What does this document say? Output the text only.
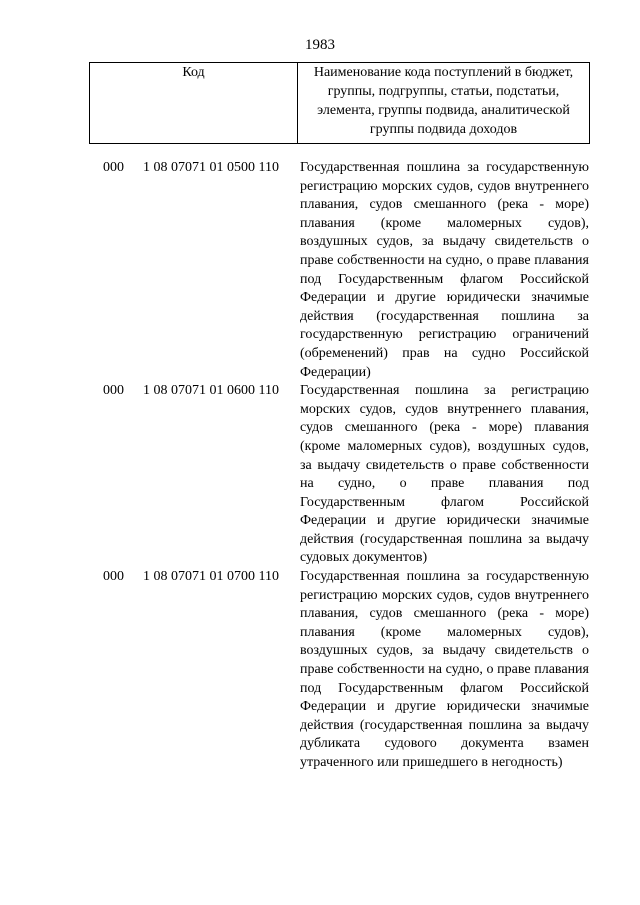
1983
Код	Наименование кода поступлений в бюджет, группы, подгруппы, статьи, подстатьи, элемента, группы подвида, аналитической группы подвида доходов
000	1 08 07071 01 0500 110	Государственная пошлина за государственную регистрацию морских судов, судов внутреннего плавания, судов смешанного (река - море) плавания (кроме маломерных судов), воздушных судов, за выдачу свидетельств о праве собственности на судно, о праве плавания под Государственным флагом Российской Федерации и другие юридически значимые действия (государственная пошлина за государственную регистрацию ограничений (обременений) прав на судно Российской Федерации)
000	1 08 07071 01 0600 110	Государственная пошлина за регистрацию морских судов, судов внутреннего плавания, судов смешанного (река - море) плавания (кроме маломерных судов), воздушных судов, за выдачу свидетельств о праве собственности на судно, о праве плавания под Государственным флагом Российской Федерации и другие юридически значимые действия (государственная пошлина за выдачу судовых документов)
000	1 08 07071 01 0700 110	Государственная пошлина за государственную регистрацию морских судов, судов внутреннего плавания, судов смешанного (река - море) плавания (кроме маломерных судов), воздушных судов, за выдачу свидетельств о праве собственности на судно, о праве плавания под Государственным флагом Российской Федерации и другие юридически значимые действия (государственная пошлина за выдачу дубликата судового документа взамен утраченного или пришедшего в негодность)
